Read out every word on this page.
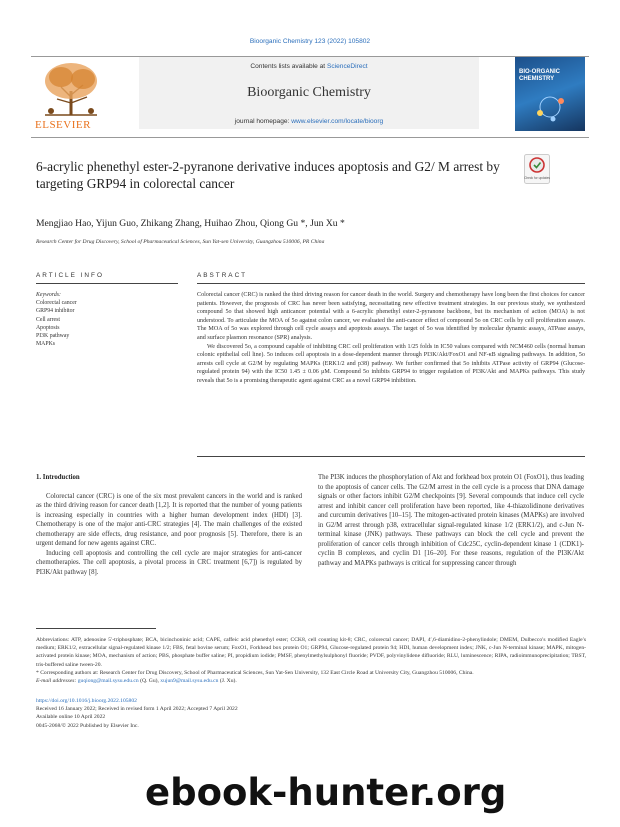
Bioorganic Chemistry 123 (2022) 105802
ELSEVIER
Contents lists available at ScienceDirect
Bioorganic Chemistry
journal homepage: www.elsevier.com/locate/bioorg
BIO-ORGANIC CHEMISTRY
6-acrylic phenethyl ester-2-pyranone derivative induces apoptosis and G2/ M arrest by targeting GRP94 in colorectal cancer	Check for updates
Mengjiao Hao, Yijun Guo, Zhikang Zhang, Huihao Zhou, Qiong Gu *, Jun Xu *
Research Center for Drug Discovery, School of Pharmaceutical Sciences, Sun Yat-sen University, Guangzhou 510006, PR China
ARTICLE INFO	ABSTRACT
Keywords:
Colorectal cancer
GRP94 inhibitor
Cell arrest
Apoptosis
PI3K pathway
MAPKs

Colorectal cancer (CRC) is ranked the third driving reason for cancer death in the world. Surgery and chemotherapy have long been the first choices for cancer patients. However, the prognosis of CRC has never been satisfying, necessitating new effective treatment strategies. In our previous study, we synthesized compound 5o that showed high anticancer potential with a 6-acrylic phenethyl ester-2-pyranone backbone, but its mechanism of action (MOA) is not understood. To articulate the MOA of 5o against colon cancer, we evaluated the anti-cancer effect of compound 5o on CRC cells by cell proliferation assays. The MOA of 5o was explored through cell cycle assays and apoptosis assays. The target of 5o was identified by molecular dynamic assays, ATPase assays, and surface plasmon resonance (SPR) analysis.

We discovered 5o, a compound capable of inhibiting CRC cell proliferation with 1/25 folds in IC50 values compared with NCM460 cells (normal human colonic epithelial cell line). 5o induces cell apoptosis in a dose-dependent manner through PI3K/Akt/FoxO1 and NF-κB signaling pathways. In addition, 5o arrests cell cycle at G2/M by regulating MAPKs (ERK1/2 and p38) pathway. We further confirmed that 5o inhibits ATPase activity of GRP94 (Glucose-regulated protein 94) with the IC50 1.45 ± 0.06 μM. Compound 5o inhibits GRP94 to trigger regulation of PI3K/Akt and MAPKs pathways. This study reveals that 5o is a promising therapeutic agent against CRC as a novel GRP94 inhibition.

1. Introduction

Colorectal cancer (CRC) is one of the six most prevalent cancers in the world and is ranked as the third driving reason for cancer death [1,2]. It is reported that the number of young patients is increasing especially in countries with a higher human development index (HDI) [3]. Chemotherapy is one of the major anti-CRC strategies [4]. The main challenges of the existed chemotherapy are side effects, drug resistance, and poor prognosis [5]. Therefore, there is an urgent demand for new agents against CRC.

Inducing cell apoptosis and controlling the cell cycle are major strategies for anti-cancer chemotherapies. The cell apoptosis, a pivotal process in CRC treatment [6,7]) is regulated by PI3K/Akt pathway [8].

The PI3K induces the phosphorylation of Akt and forkhead box protein O1 (FoxO1), thus leading to the apoptosis of cancer cells. The G2/M arrest in the cell cycle is a process that DNA damage signals or other factors inhibit G2/M checkpoints [9]. Several compounds that induce cell cycle arrest and inhibit cancer cell proliferation have been reported, like 4-thiazolidinone derivatives and curcumin derivatives [10–15]. The mitogen-activated protein kinases (MAPKs) are involved in G2/M arrest through p38, extracellular signal-regulated kinase 1/2 (ERK1/2), and c-Jun N-terminal kinase (JNK) pathways. These pathways can block the cell cycle and prevent the proliferation of cancer cells through inhibition of Cdc25C, cyclin-dependent kinase 1 (CDK1)-cyclin B complexes, and cyclin D1 [16–20]. For these reasons, regulation of the PI3K/Akt pathway and MAPKs pathways is critical for suppressing cancer through

Abbreviations: ATP, adenosine 5′-triphosphate; BCA, bicinchoninic acid; CAPE, caffeic acid phenethyl ester; CCK8, cell counting kit-8; CRC, colorectal cancer; DAPI, 4′,6-diamidino-2-phenylindole; DMEM, Dulbecco′s modified Eagle′s medium; ERK1/2, extracellular signal-regulated kinase 1/2; FBS, fetal bovine serum; FoxO1, Forkhead box protein O1; GRP94, Glucose-regulated protein 94; HDI, human development index; JNK, c-Jun N-terminal kinase; MAPK, mitogen-activated protein kinase; MOA, mechanism of action; PBS, phosphate buffer saline; PI, propidium iodide; PMSF, phenylmethylsulphonyl fluoride; PVDF, polyvinylidene difluoride; RLU, luminescence; RIPA, radioimmunoprecipitation; TBST, tris-buffered saline tween-20.

* Corresponding authors at: Research Center for Drug Discovery, School of Pharmaceutical Sciences, Sun Yat-Sen University, 132 East Circle Road at University City, Guangzhou 510006, China.

E-mail addresses: guqiong@mail.sysu.edu.cn (Q. Gu), xujun9@mail.sysu.edu.cn (J. Xu).

https://doi.org/10.1016/j.bioorg.2022.105802
Received 16 January 2022; Received in revised form 1 April 2022; Accepted 7 April 2022
Available online 10 April 2022
0045-2068/© 2022 Published by Elsevier Inc.
ebook-hunter.org
